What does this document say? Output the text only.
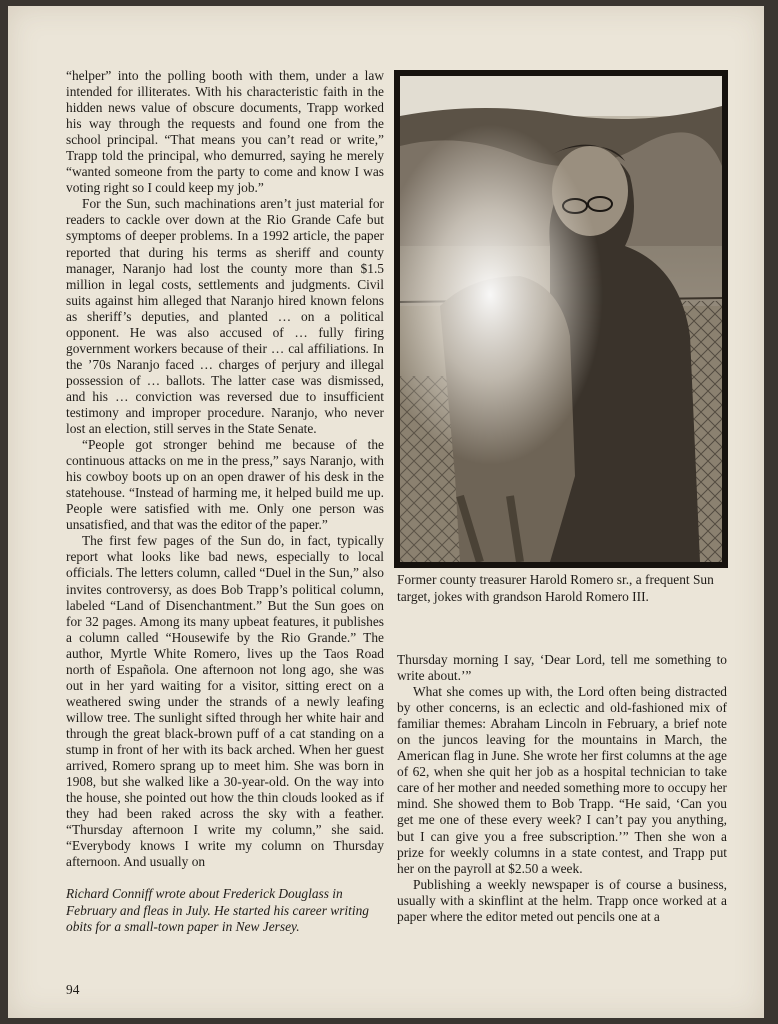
“helper” into the polling booth with them, under a law intended for illiterates. With his characteristic faith in the hidden news value of obscure documents, Trapp worked his way through the requests and found one from the school principal. “That means you can’t read or write,” Trapp told the principal, who demurred, saying he merely “wanted someone from the party to come and know I was voting right so I could keep my job.”

For the Sun, such machinations aren’t just material for readers to cackle over down at the Rio Grande Cafe but symptoms of deeper problems. In a 1992 article, the paper reported that during his terms as sheriff and county manager, Naranjo had lost the county more than $1.5 million in legal costs, settlements and judgments. Civil suits against him alleged that Naranjo hired known felons as sheriff’s deputies, and planted … on a political opponent. He was also accused of … fully firing government workers because of their … cal affiliations. In the ’70s Naranjo faced … charges of perjury and illegal possession of … ballots. The latter case was dismissed, and his … conviction was reversed due to insufficient testimony and improper procedure. Naranjo, who never lost an election, still serves in the State Senate.

“People got stronger behind me because of the continuous attacks on me in the press,” says Naranjo, with his cowboy boots up on an open drawer of his desk in the statehouse. “Instead of harming me, it helped build me up. People were satisfied with me. Only one person was unsatisfied, and that was the editor of the paper.”

The first few pages of the Sun do, in fact, typically report what looks like bad news, especially to local officials. The letters column, called “Duel in the Sun,” also invites controversy, as does Bob Trapp’s political column, labeled “Land of Disenchantment.” But the Sun goes on for 32 pages. Among its many upbeat features, it publishes a column called “Housewife by the Rio Grande.” The author, Myrtle White Romero, lives up the Taos Road north of Española. One afternoon not long ago, she was out in her yard waiting for a visitor, sitting erect on a weathered swing under the strands of a newly leafing willow tree. The sunlight sifted through her white hair and through the great black-brown puff of a cat standing on a stump in front of her with its back arched. When her guest arrived, Romero sprang up to meet him. She was born in 1908, but she walked like a 30-year-old. On the way into the house, she pointed out how the thin clouds looked as if they had been raked across the sky with a feather. “Thursday afternoon I write my column,” she said. “Everybody knows I write my column on Thursday afternoon. And usually on

Richard Conniff wrote about Frederick Douglass in February and fleas in July. He started his career writing obits for a small-town paper in New Jersey.
Former county treasurer Harold Romero sr., a frequent Sun target, jokes with grandson Harold Romero III.

Thursday morning I say, ‘Dear Lord, tell me something to write about.’”

What she comes up with, the Lord often being distracted by other concerns, is an eclectic and old-fashioned mix of familiar themes: Abraham Lincoln in February, a brief note on the juncos leaving for the mountains in March, the American flag in June. She wrote her first columns at the age of 62, when she quit her job as a hospital technician to take care of her mother and needed something more to occupy her mind. She showed them to Bob Trapp. “He said, ‘Can you get me one of these every week? I can’t pay you anything, but I can give you a free subscription.’” Then she won a prize for weekly columns in a state contest, and Trapp put her on the payroll at $2.50 a week.

Publishing a weekly newspaper is of course a business, usually with a skinflint at the helm. Trapp once worked at a paper where the editor meted out pencils one at a

94
